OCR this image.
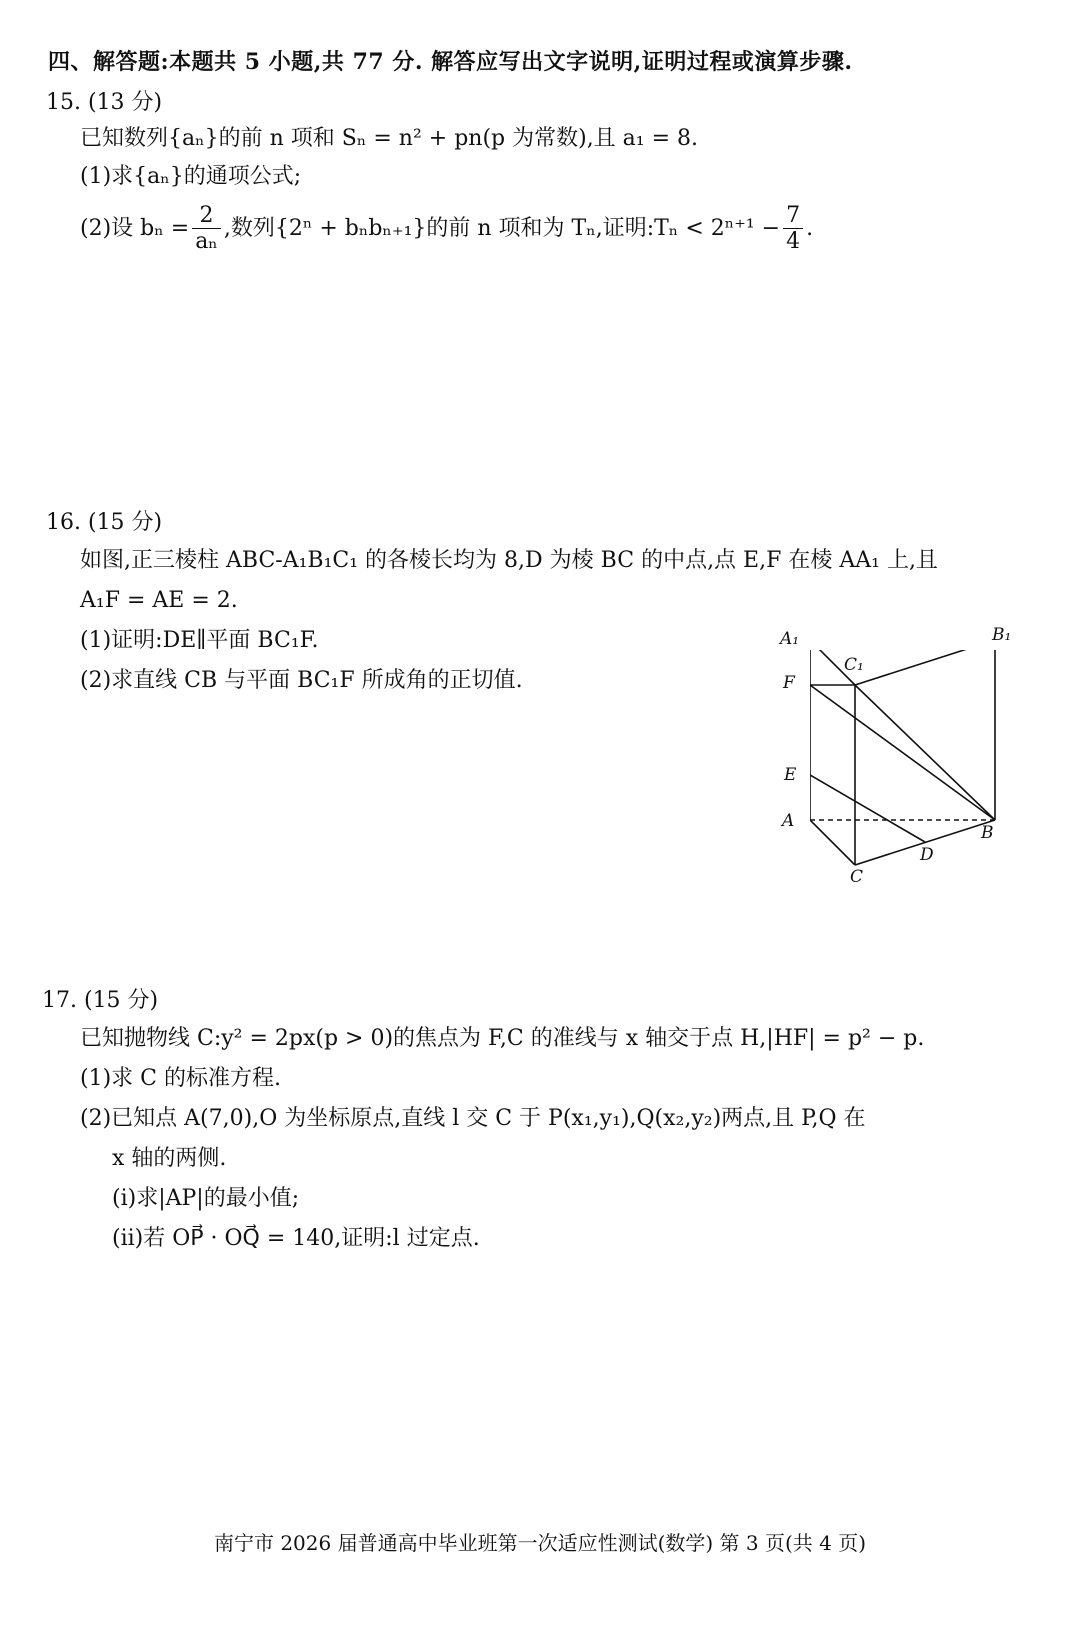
四、解答题:本题共 5 小题,共 77 分. 解答应写出文字说明,证明过程或演算步骤.
15. (13 分)
已知数列{aₙ}的前 n 项和 Sₙ = n² + pn(p 为常数),且 a₁ = 8.
(1)求{aₙ}的通项公式;
(2)设 $b_n = \frac{2}{\text{aₙ}}$ ,数列{2ⁿ + bₙbₙ₊₁}的前 n 项和为 Tₙ,证明:Tₙ < $2^{n+1} - \frac{7}{4}$ .
16. (15 分)
如图,正三棱柱 ABC-A₁B₁C₁ 的各棱长均为 8,D 为棱 BC 的中点,点 E,F 在棱 AA₁ 上,且
A₁F = AE = 2.
(1)证明:DE∥平面 BC₁F.
(2)求直线 CB 与平面 BC₁F 所成角的正切值.
A₁	B₁
C₁
F
E
A
B
D
C
17. (15 分)
已知抛物线 C:y² = 2px(p > 0)的焦点为 F,C 的准线与 x 轴交于点 H,|HF| = p² − p.
(1)求 C 的标准方程.
(2)已知点 A(7,0),O 为坐标原点,直线 l 交 C 于 P(x₁,y₁),Q(x₂,y₂)两点,且 P,Q 在
x 轴的两侧.
(ⅰ)求|AP|的最小值;
(ⅱ)若 OP⃗ · OQ⃗ = 140,证明:l 过定点.
南宁市 2026 届普通高中毕业班第一次适应性测试(数学) 第 3 页(共 4 页)
